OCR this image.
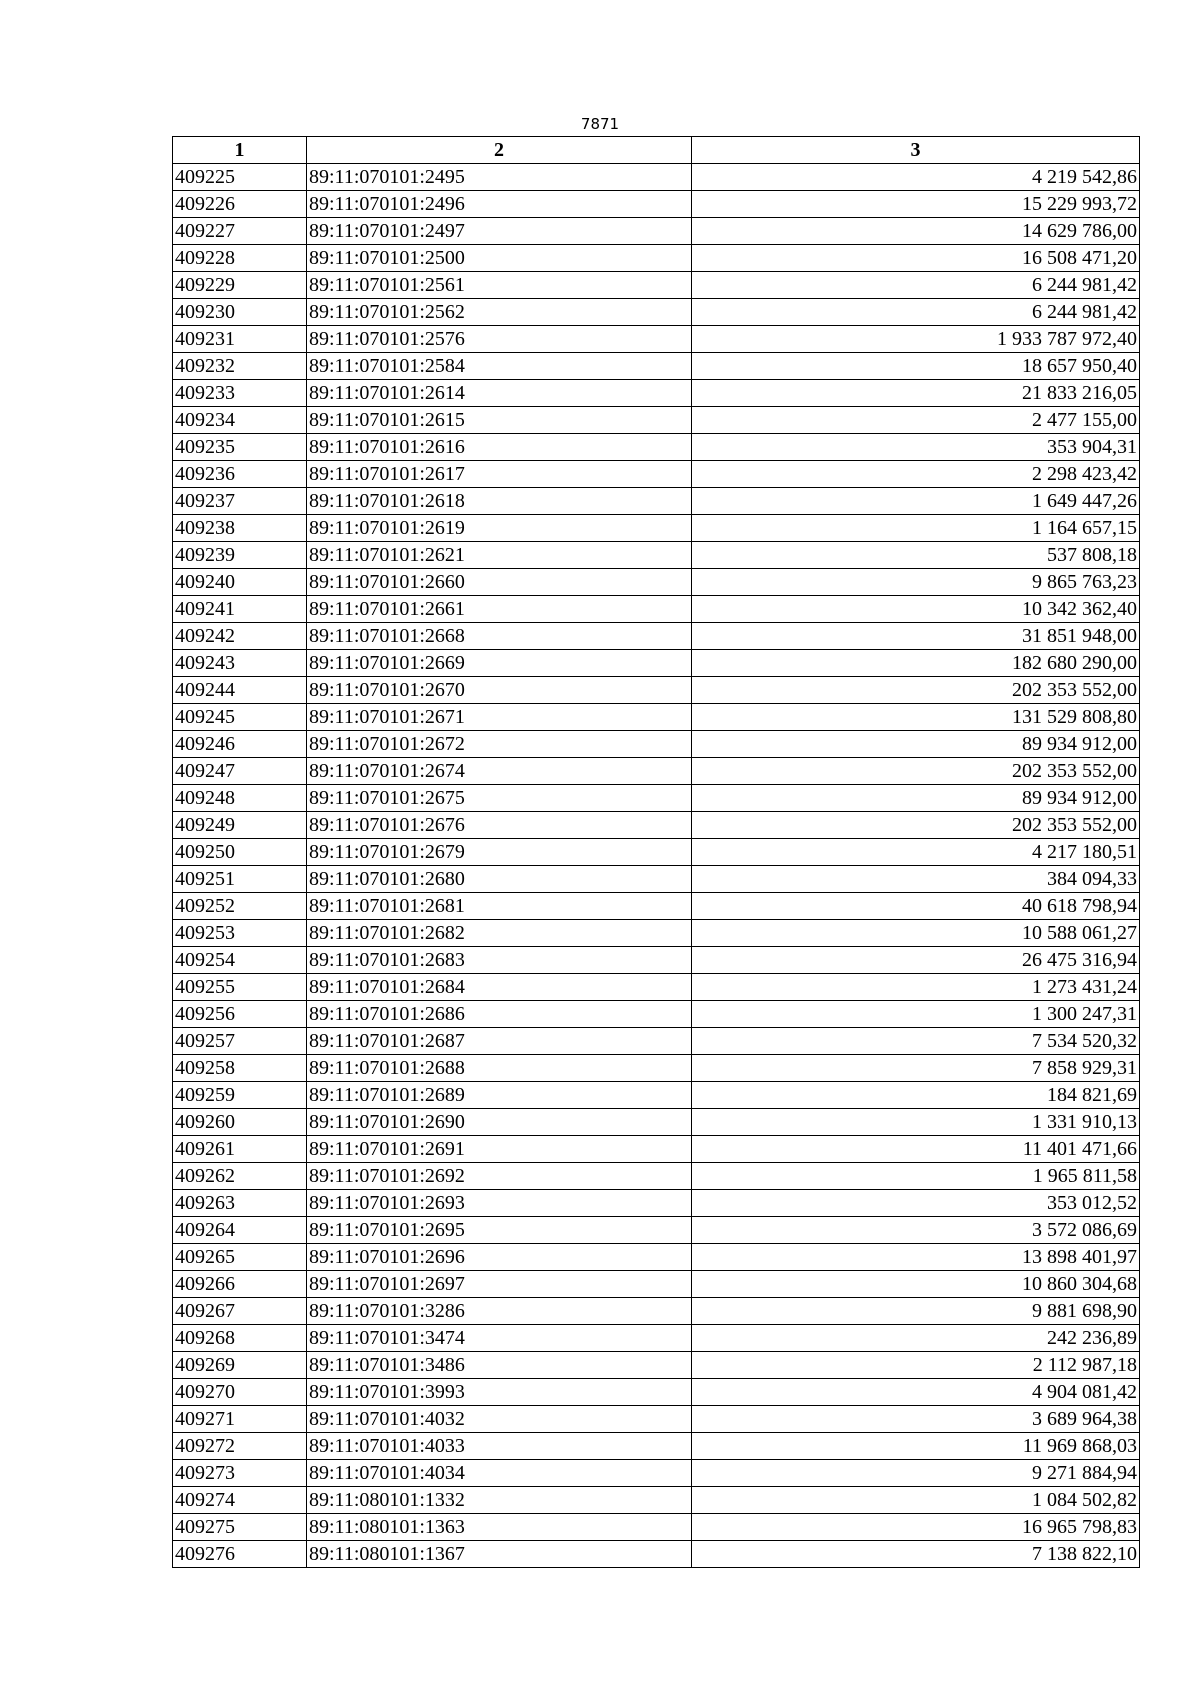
7871
1	2	3
409225	89:11:070101:2495	4 219 542,86
409226	89:11:070101:2496	15 229 993,72
409227	89:11:070101:2497	14 629 786,00
409228	89:11:070101:2500	16 508 471,20
409229	89:11:070101:2561	6 244 981,42
409230	89:11:070101:2562	6 244 981,42
409231	89:11:070101:2576	1 933 787 972,40
409232	89:11:070101:2584	18 657 950,40
409233	89:11:070101:2614	21 833 216,05
409234	89:11:070101:2615	2 477 155,00
409235	89:11:070101:2616	353 904,31
409236	89:11:070101:2617	2 298 423,42
409237	89:11:070101:2618	1 649 447,26
409238	89:11:070101:2619	1 164 657,15
409239	89:11:070101:2621	537 808,18
409240	89:11:070101:2660	9 865 763,23
409241	89:11:070101:2661	10 342 362,40
409242	89:11:070101:2668	31 851 948,00
409243	89:11:070101:2669	182 680 290,00
409244	89:11:070101:2670	202 353 552,00
409245	89:11:070101:2671	131 529 808,80
409246	89:11:070101:2672	89 934 912,00
409247	89:11:070101:2674	202 353 552,00
409248	89:11:070101:2675	89 934 912,00
409249	89:11:070101:2676	202 353 552,00
409250	89:11:070101:2679	4 217 180,51
409251	89:11:070101:2680	384 094,33
409252	89:11:070101:2681	40 618 798,94
409253	89:11:070101:2682	10 588 061,27
409254	89:11:070101:2683	26 475 316,94
409255	89:11:070101:2684	1 273 431,24
409256	89:11:070101:2686	1 300 247,31
409257	89:11:070101:2687	7 534 520,32
409258	89:11:070101:2688	7 858 929,31
409259	89:11:070101:2689	184 821,69
409260	89:11:070101:2690	1 331 910,13
409261	89:11:070101:2691	11 401 471,66
409262	89:11:070101:2692	1 965 811,58
409263	89:11:070101:2693	353 012,52
409264	89:11:070101:2695	3 572 086,69
409265	89:11:070101:2696	13 898 401,97
409266	89:11:070101:2697	10 860 304,68
409267	89:11:070101:3286	9 881 698,90
409268	89:11:070101:3474	242 236,89
409269	89:11:070101:3486	2 112 987,18
409270	89:11:070101:3993	4 904 081,42
409271	89:11:070101:4032	3 689 964,38
409272	89:11:070101:4033	11 969 868,03
409273	89:11:070101:4034	9 271 884,94
409274	89:11:080101:1332	1 084 502,82
409275	89:11:080101:1363	16 965 798,83
409276	89:11:080101:1367	7 138 822,10
